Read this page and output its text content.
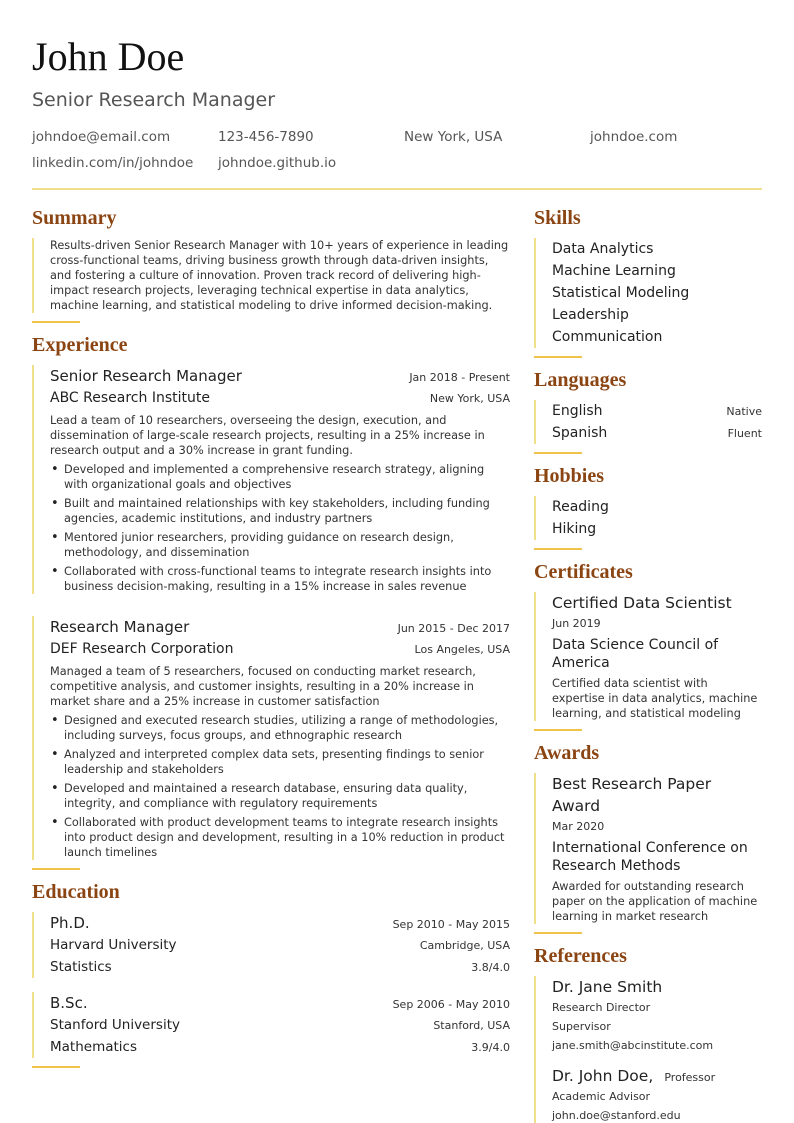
John Doe
Senior Research Manager
johndoe@email.com	123-456-7890	New York, USA	johndoe.com
linkedin.com/in/johndoe	johndoe.github.io
Summary
Results-driven Senior Research Manager with 10+ years of experience in leading cross-functional teams, driving business growth through data-driven insights, and fostering a culture of innovation. Proven track record of delivering high-impact research projects, leveraging technical expertise in data analytics, machine learning, and statistical modeling to drive informed decision-making.
Experience
Senior Research Manager	Jan 2018 - Present
ABC Research Institute	New York, USA
Lead a team of 10 researchers, overseeing the design, execution, and dissemination of large-scale research projects, resulting in a 25% increase in research output and a 30% increase in grant funding.
• Developed and implemented a comprehensive research strategy, aligning with organizational goals and objectives
• Built and maintained relationships with key stakeholders, including funding agencies, academic institutions, and industry partners
• Mentored junior researchers, providing guidance on research design, methodology, and dissemination
• Collaborated with cross-functional teams to integrate research insights into business decision-making, resulting in a 15% increase in sales revenue
Research Manager	Jun 2015 - Dec 2017
DEF Research Corporation	Los Angeles, USA
Managed a team of 5 researchers, focused on conducting market research, competitive analysis, and customer insights, resulting in a 20% increase in market share and a 25% increase in customer satisfaction
• Designed and executed research studies, utilizing a range of methodologies, including surveys, focus groups, and ethnographic research
• Analyzed and interpreted complex data sets, presenting findings to senior leadership and stakeholders
• Developed and maintained a research database, ensuring data quality, integrity, and compliance with regulatory requirements
• Collaborated with product development teams to integrate research insights into product design and development, resulting in a 10% reduction in product launch timelines
Education
Ph.D.	Sep 2010 - May 2015
Harvard University	Cambridge, USA
Statistics	3.8/4.0
B.Sc.	Sep 2006 - May 2010
Stanford University	Stanford, USA
Mathematics	3.9/4.0
Skills
Data Analytics
Machine Learning
Statistical Modeling
Leadership
Communication
Languages
English	Native
Spanish	Fluent
Hobbies
Reading
Hiking
Certificates
Certified Data Scientist
Jun 2019
Data Science Council of America
Certified data scientist with expertise in data analytics, machine learning, and statistical modeling
Awards
Best Research Paper Award
Mar 2020
International Conference on Research Methods
Awarded for outstanding research paper on the application of machine learning in market research
References
Dr. Jane Smith
Research Director
Supervisor
jane.smith@abcinstitute.com
Dr. John Doe, Professor
Academic Advisor
john.doe@stanford.edu
